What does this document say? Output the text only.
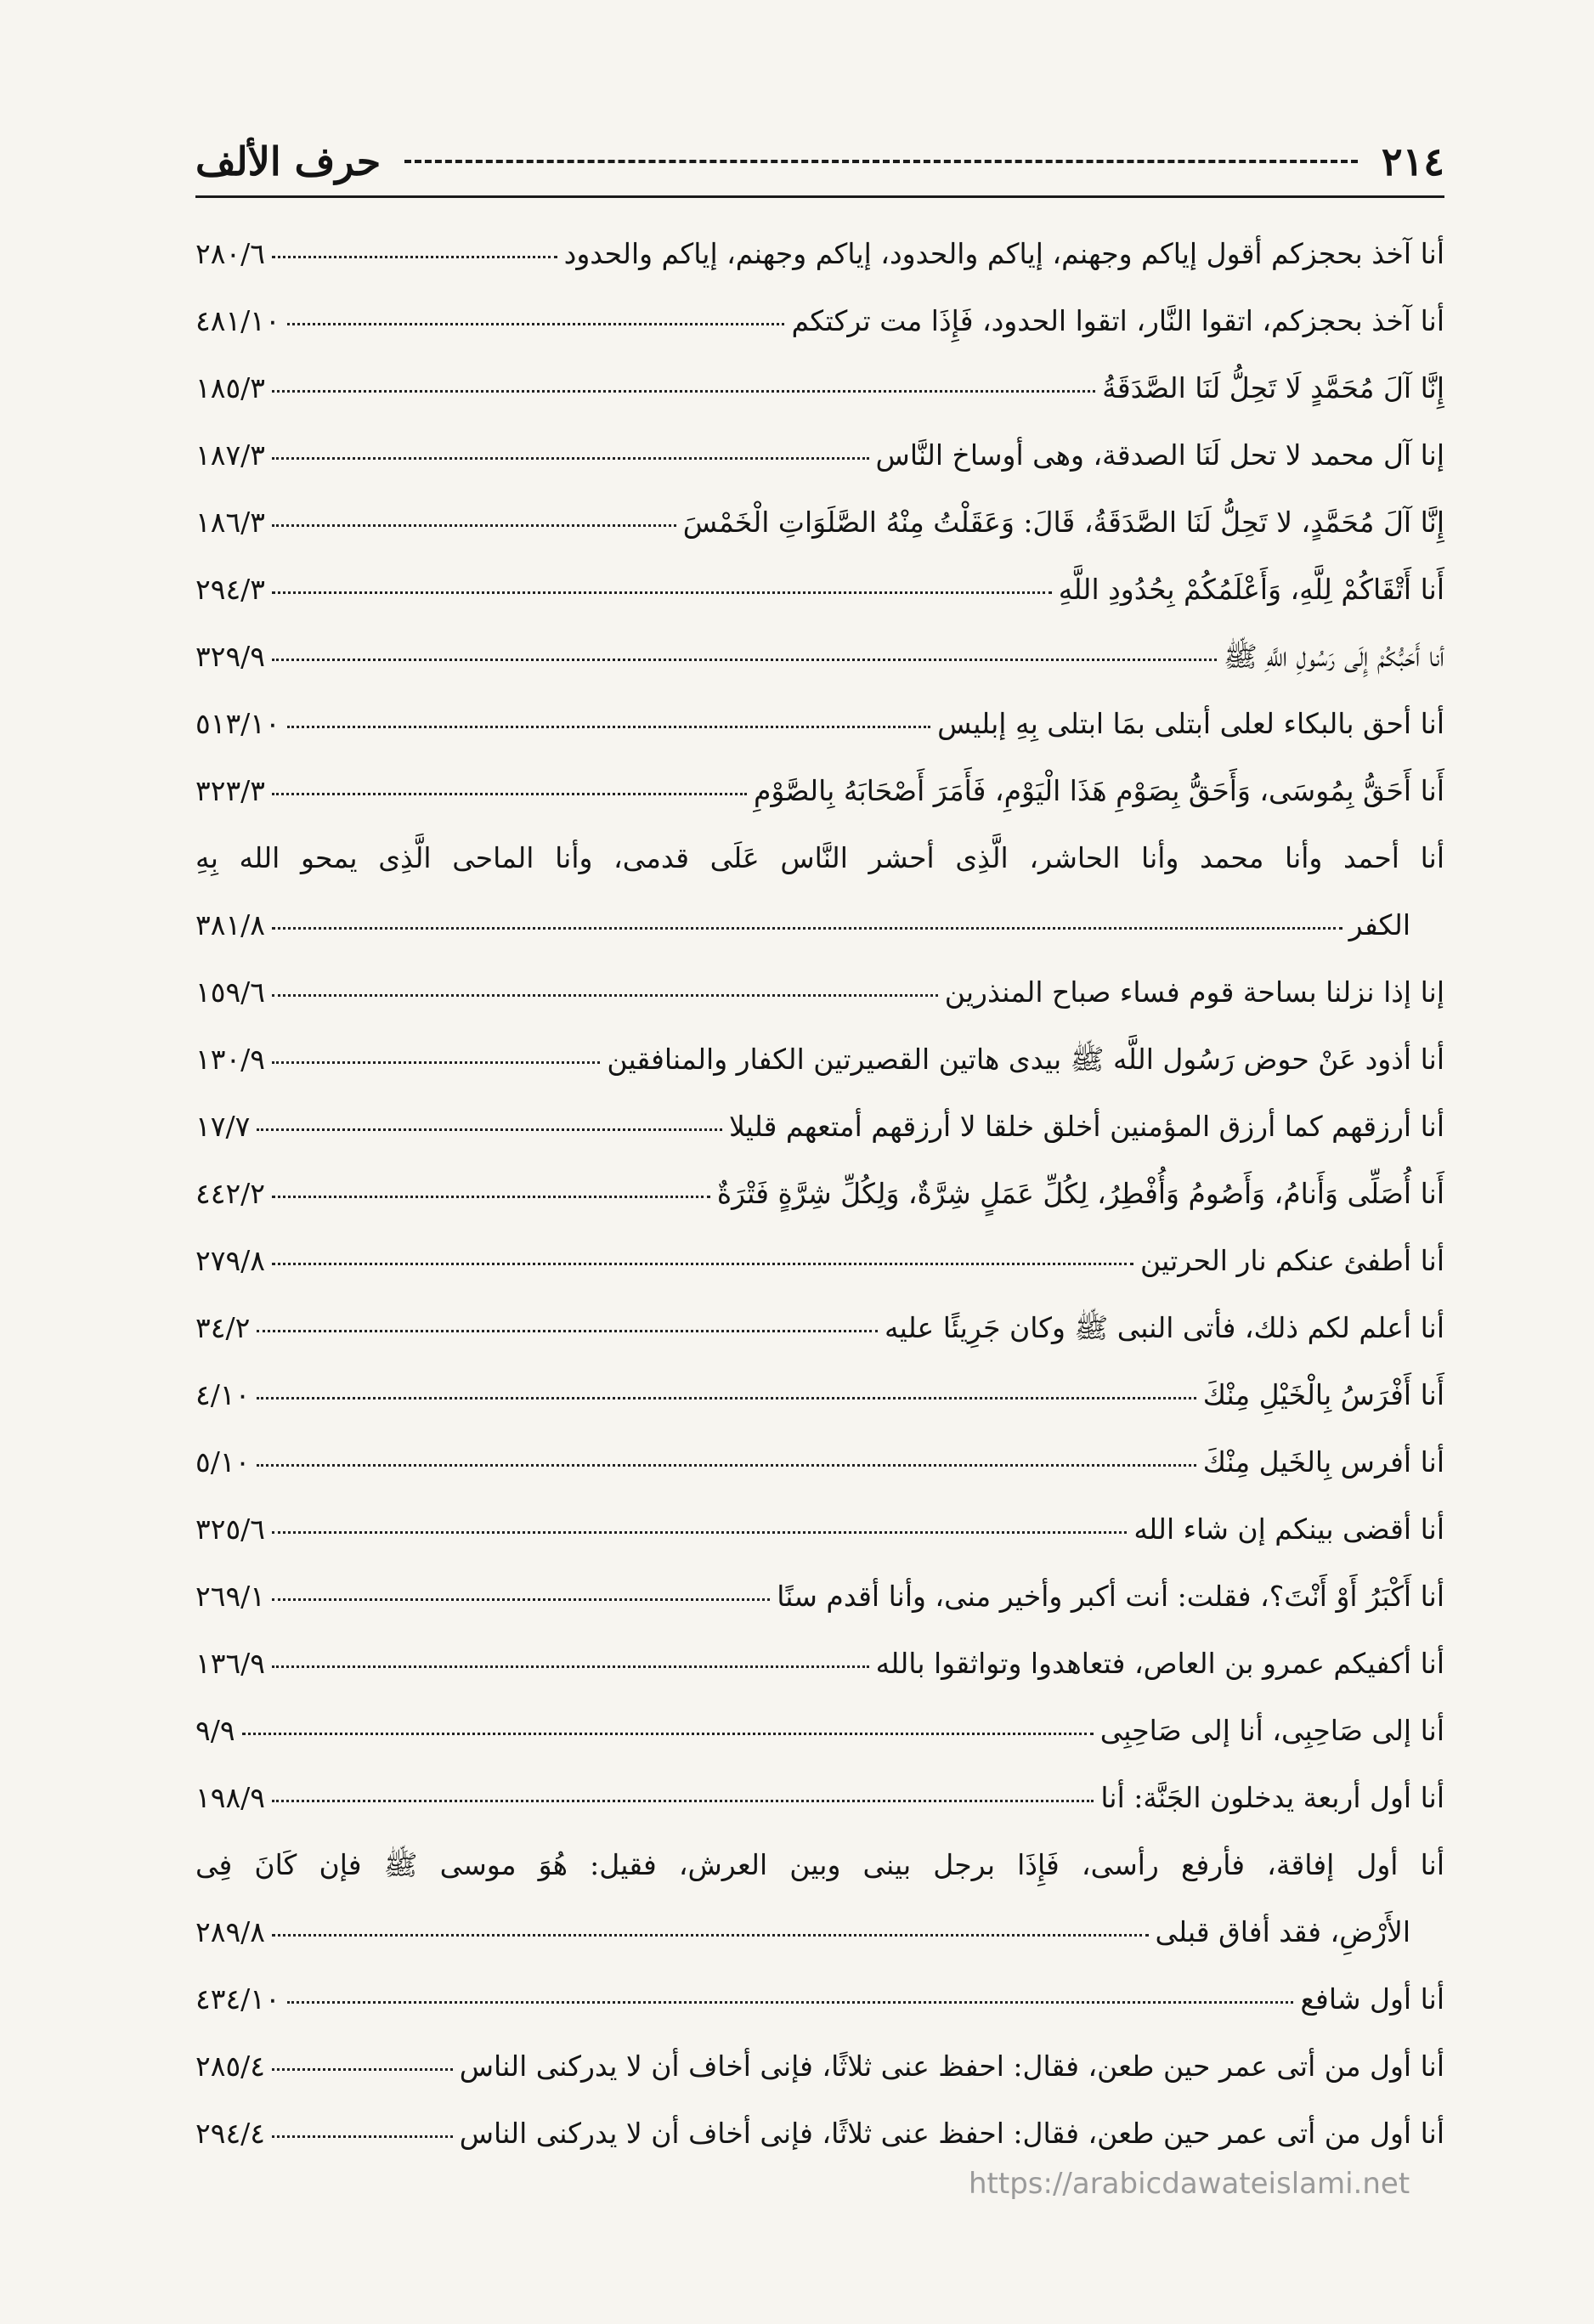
٢١٤
حرف الألف
أنا آخذ بحجزكم أقول إياكم وجهنم، إياكم والحدود، إياكم وجهنم، إياكم والحدود
٢٨٠/٦
أنا آخذ بحجزكم، اتقوا النَّار، اتقوا الحدود، فَإِذَا مت تركتكم
٤٨١/١٠
إِنَّا آلَ مُحَمَّدٍ لَا تَحِلُّ لَنَا الصَّدَقَةُ
١٨٥/٣
إنا آل محمد لا تحل لَنَا الصدقة، وهى أوساخ النَّاس
١٨٧/٣
إِنَّا آلَ مُحَمَّدٍ، لا تَحِلُّ لَنَا الصَّدَقَةُ، قَالَ: وَعَقَلْتُ مِنْهُ الصَّلَوَاتِ الْخَمْسَ
١٨٦/٣
أَنا أَتْقَاكُمْ لِلَّهِ، وَأَعْلَمُكُمْ بِحُدُودِ اللَّهِ
٢٩٤/٣
أنا أَحَبُّكُمْ إِلَى رَسُولِ اللَّهِ ﷺ
٣٢٩/٩
أنا أحق بالبكاء لعلى أبتلى بمَا ابتلى بِهِ إبليس
٥١٣/١٠
أَنا أَحَقُّ بِمُوسَى، وَأَحَقُّ بِصَوْمِ هَذَا الْيَوْمِ، فَأَمَرَ أَصْحَابَهُ بِالصَّوْمِ
٣٢٣/٣
أنا أحمد وأنا محمد وأنا الحاشر، الَّذِى أحشر النَّاس عَلَى قدمى، وأنا الماحى الَّذِى يمحو الله بِهِ
الكفر
٣٨١/٨
إنا إذا نزلنا بساحة قوم فساء صباح المنذرين
١٥٩/٦
أنا أذود عَنْ حوض رَسُول اللَّه ﷺ بيدى هاتين القصيرتين الكفار والمنافقين
١٣٠/٩
أنا أرزقهم كما أرزق المؤمنين أخلق خلقا لا أرزقهم أمتعهم قليلا
١٧/٧
أَنا أُصَلِّى وَأَنامُ، وَأَصُومُ وَأُفْطِرُ، لِكُلِّ عَمَلٍ شِرَّةٌ، وَلِكُلِّ شِرَّةٍ فَتْرَةٌ
٤٤٢/٢
أنا أطفئ عنكم نار الحرتين
٢٧٩/٨
أنا أعلم لكم ذلك، فأتى النبى ﷺ وكان جَرِيئًا عليه
٣٤/٢
أَنا أَفْرَسُ بِالْخَيْلِ مِنْكَ
٤/١٠
أنا أفرس بِالخَيل مِنْكَ
٥/١٠
أنا أقضى بينكم إن شاء الله
٣٢٥/٦
أنا أَكْبَرُ أَوْ أَنْتَ؟، فقلت: أنت أكبر وأخير منى، وأنا أقدم سنًا
٢٦٩/١
أنا أكفيكم عمرو بن العاص، فتعاهدوا وتواثقوا بالله
١٣٦/٩
أنا إلى صَاحِبِى، أنا إلى صَاحِبِى
٩/٩
أنا أول أربعة يدخلون الجَنَّة: أنا
١٩٨/٩
أنا أول إفاقة، فأرفع رأسى، فَإِذَا برجل بينى وبين العرش، فقيل: هُوَ موسى ﷺ فإن كَانَ فِى
الأَرْضِ، فقد أفاق قبلى
٢٨٩/٨
أنا أول شافع
٤٣٤/١٠
أنا أول من أتى عمر حين طعن، فقال: احفظ عنى ثلاثًا، فإنى أخاف أن لا يدركنى الناس
٢٨٥/٤
أنا أول من أتى عمر حين طعن، فقال: احفظ عنى ثلاثًا، فإنى أخاف أن لا يدركنى الناس
٢٩٤/٤
https://arabicdawateislami.net
